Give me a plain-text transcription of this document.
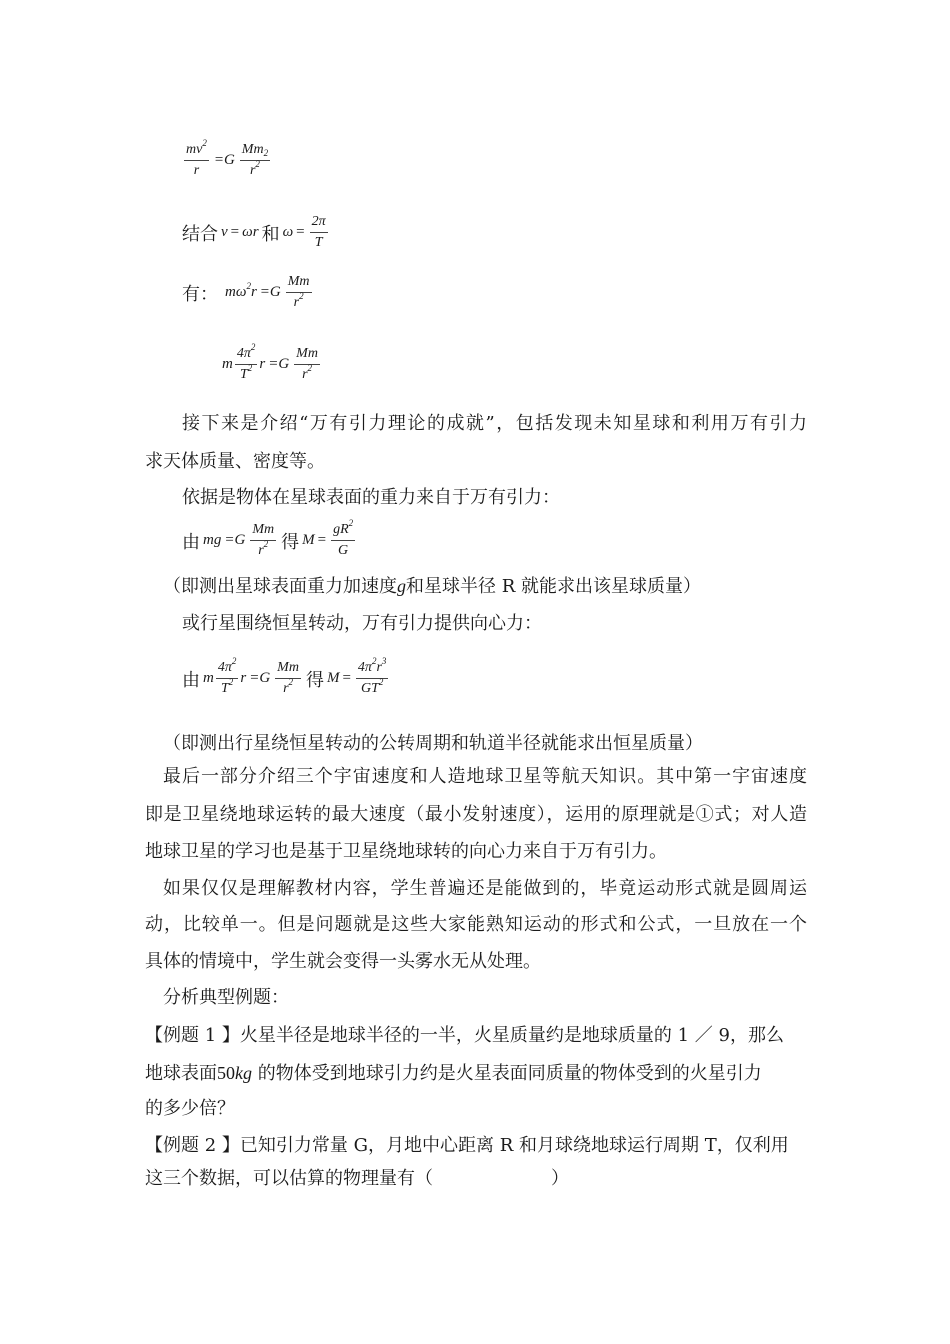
$\frac{mv^2}{r} =G \frac{Mm_2}{r^2}$
结合 v = ωr 和 $\omega = \frac{2\pi}{T}$
有： $m\omega^2$ $r =G \frac{Mm}{r^2}$
m $\frac{4\pi^2}{T^2}$ $r =G \frac{Mm}{r^2}$
接下来是介绍“万有引力理论的成就”，包括发现未知星球和利用万有引力
求天体质量、密度等。
依据是物体在星球表面的重力来自于万有引力：
由 mg $=G \frac{Mm}{r^2}$ 得 $M = \frac{gR^2}{G}$
（即测出星球表面重力加速度g和星球半径 R 就能求出该星球质量）
或行星围绕恒星转动，万有引力提供向心力：
由 m $\frac{4\pi^2}{T^2}$ $r =G \frac{Mm}{r^2}$ 得 $M = \frac{4\pi^2r^3}{GT^2}$
（即测出行星绕恒星转动的公转周期和轨道半径就能求出恒星质量）
最后一部分介绍三个宇宙速度和人造地球卫星等航天知识。其中第一宇宙速度
即是卫星绕地球运转的最大速度（最小发射速度），运用的原理就是①式；对人造
地球卫星的学习也是基于卫星绕地球转的向心力来自于万有引力。
如果仅仅是理解教材内容，学生普遍还是能做到的，毕竟运动形式就是圆周运
动，比较单一。但是问题就是这些大家能熟知运动的形式和公式，一旦放在一个
具体的情境中，学生就会变得一头雾水无从处理。
分析典型例题：
【例题 1 】火星半径是地球半径的一半，火星质量约是地球质量的 1 ／ 9，那么
地球表面50kg 的物体受到地球引力约是火星表面同质量的物体受到的火星引力
的多少倍？
【例题 2 】已知引力常量 G，月地中心距离 R 和月球绕地球运行周期 T，仅利用
这三个数据，可以估算的物理量有（	）
